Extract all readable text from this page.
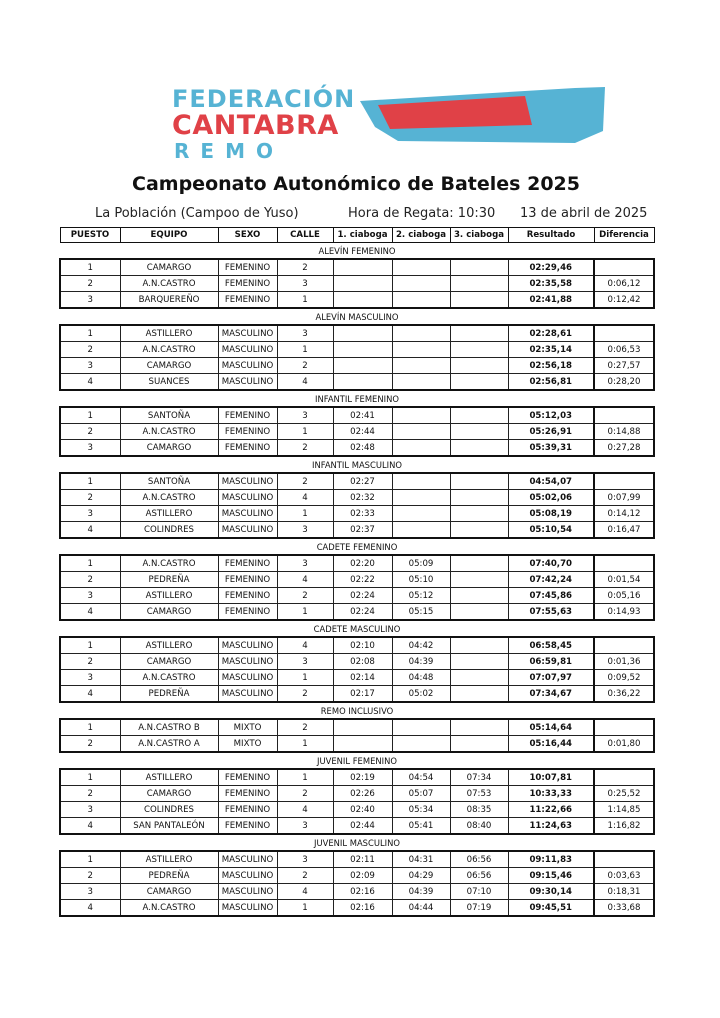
FEDERACIÓN
CANTABRA
REMO
Campeonato Autonómico de Bateles 2025
La Población (Campoo de Yuso)	Hora de Regata: 10:30 13 de abril de 2025
PUESTO	EQUIPO	SEXO	CALLE	1. ciaboga	2. ciaboga	3. ciaboga	Resultado	Diferencia
ALEVÍN FEMENINO								
1	CAMARGO	FEMENINO	2				02:29,46	
2	A.N.CASTRO	FEMENINO	3				02:35,58	0:06,12
3	BARQUEREÑO	FEMENINO	1				02:41,88	0:12,42
ALEVÍN MASCULINO								
1	ASTILLERO	MASCULINO	3				02:28,61	
2	A.N.CASTRO	MASCULINO	1				02:35,14	0:06,53
3	CAMARGO	MASCULINO	2				02:56,18	0:27,57
4	SUANCES	MASCULINO	4				02:56,81	0:28,20
INFANTIL FEMENINO								
1	SANTOÑA	FEMENINO	3	02:41			05:12,03	
2	A.N.CASTRO	FEMENINO	1	02:44			05:26,91	0:14,88
3	CAMARGO	FEMENINO	2	02:48			05:39,31	0:27,28
INFANTIL MASCULINO								
1	SANTOÑA	MASCULINO	2	02:27			04:54,07	
2	A.N.CASTRO	MASCULINO	4	02:32			05:02,06	0:07,99
3	ASTILLERO	MASCULINO	1	02:33			05:08,19	0:14,12
4	COLINDRES	MASCULINO	3	02:37			05:10,54	0:16,47
CADETE FEMENINO								
1	A.N.CASTRO	FEMENINO	3	02:20	05:09		07:40,70	
2	PEDREÑA	FEMENINO	4	02:22	05:10		07:42,24	0:01,54
3	ASTILLERO	FEMENINO	2	02:24	05:12		07:45,86	0:05,16
4	CAMARGO	FEMENINO	1	02:24	05:15		07:55,63	0:14,93
CADETE MASCULINO								
1	ASTILLERO	MASCULINO	4	02:10	04:42		06:58,45	
2	CAMARGO	MASCULINO	3	02:08	04:39		06:59,81	0:01,36
3	A.N.CASTRO	MASCULINO	1	02:14	04:48		07:07,97	0:09,52
4	PEDREÑA	MASCULINO	2	02:17	05:02		07:34,67	0:36,22
REMO INCLUSIVO								
1	A.N.CASTRO B	MIXTO	2				05:14,64	
2	A.N.CASTRO A	MIXTO	1				05:16,44	0:01,80
JUVENIL FEMENINO								
1	ASTILLERO	FEMENINO	1	02:19	04:54	07:34	10:07,81	
2	CAMARGO	FEMENINO	2	02:26	05:07	07:53	10:33,33	0:25,52
3	COLINDRES	FEMENINO	4	02:40	05:34	08:35	11:22,66	1:14,85
4	SAN PANTALEÓN	FEMENINO	3	02:44	05:41	08:40	11:24,63	1:16,82
JUVENIL MASCULINO								
1	ASTILLERO	MASCULINO	3	02:11	04:31	06:56	09:11,83	
2	PEDREÑA	MASCULINO	2	02:09	04:29	06:56	09:15,46	0:03,63
3	CAMARGO	MASCULINO	4	02:16	04:39	07:10	09:30,14	0:18,31
4	A.N.CASTRO	MASCULINO	1	02:16	04:44	07:19	09:45,51	0:33,68
